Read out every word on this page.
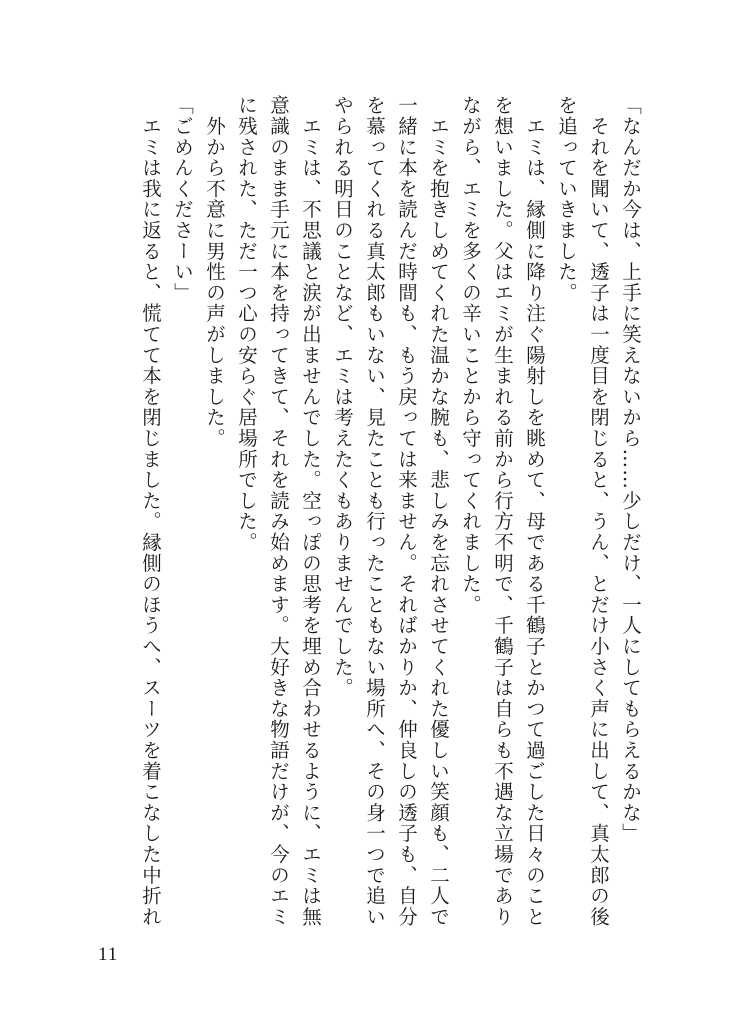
「なんだか今は、上手に笑えないから……少しだけ、一人にしてもらえるかな」

　それを聞いて、透子は一度目を閉じると、うん、とだけ小さく声に出して、真太郎の後

を追っていきました。

　エミは、縁側に降り注ぐ陽射しを眺めて、母である千鶴子とかつて過ごした日々のこと

を想いました。父はエミが生まれる前から行方不明で、千鶴子は自らも不遇な立場であり

ながら、エミを多くの辛いことから守ってくれました。

　エミを抱きしめてくれた温かな腕も、悲しみを忘れさせてくれた優しい笑顔も、二人で

一緒に本を読んだ時間も、もう戻っては来ません。そればかりか、仲良しの透子も、自分

を慕ってくれる真太郎もいない、見たことも行ったこともない場所へ、その身一つで追い

やられる明日のことなど、エミは考えたくもありませんでした。

　エミは、不思議と涙が出ませんでした。空っぽの思考を埋め合わせるように、エミは無

意識のまま手元に本を持ってきて、それを読み始めます。大好きな物語だけが、今のエミ

に残された、ただ一つ心の安らぐ居場所でした。

　外から不意に男性の声がしました。

「ごめんくださーい」

　エミは我に返ると、慌てて本を閉じました。縁側のほうへ、スーツを着こなした中折れ

11
